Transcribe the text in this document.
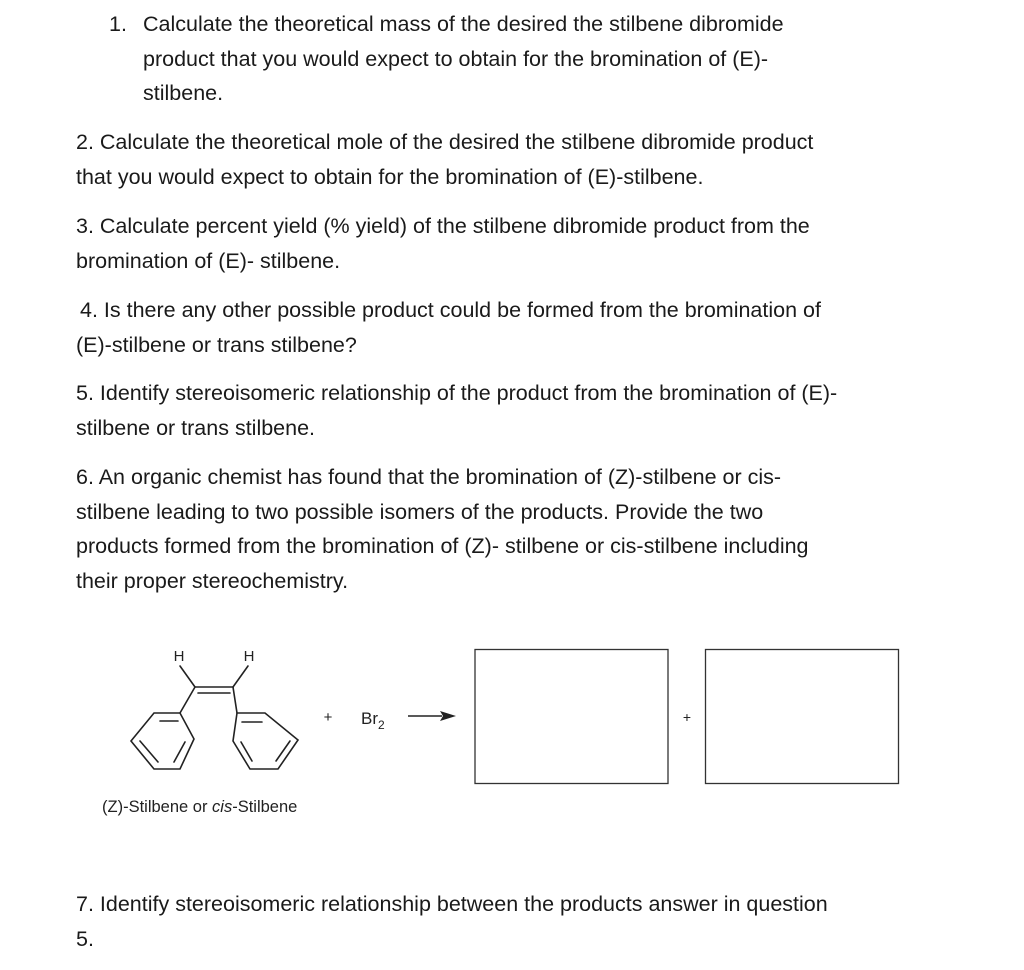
1. Calculate the theoretical mass of the desired the stilbene dibromide
product that you would expect to obtain for the bromination of (E)-
stilbene.

2. Calculate the theoretical mole of the desired the stilbene dibromide product
that you would expect to obtain for the bromination of (E)-stilbene.

3. Calculate percent yield (% yield) of the stilbene dibromide product from the
bromination of (E)- stilbene.

4. Is there any other possible product could be formed from the bromination of
(E)-stilbene or trans stilbene?

5. Identify stereoisomeric relationship of the product from the bromination of (E)-
stilbene or trans stilbene.

6. An organic chemist has found that the bromination of (Z)-stilbene or cis-
stilbene leading to two possible isomers of the products. Provide the two
products formed from the bromination of (Z)- stilbene or cis-stilbene including
their proper stereochemistry.

H	H
+ $Br_2$	+
(Z)-Stilbene or cis-Stilbene

7. Identify stereoisomeric relationship between the products answer in question
5.
